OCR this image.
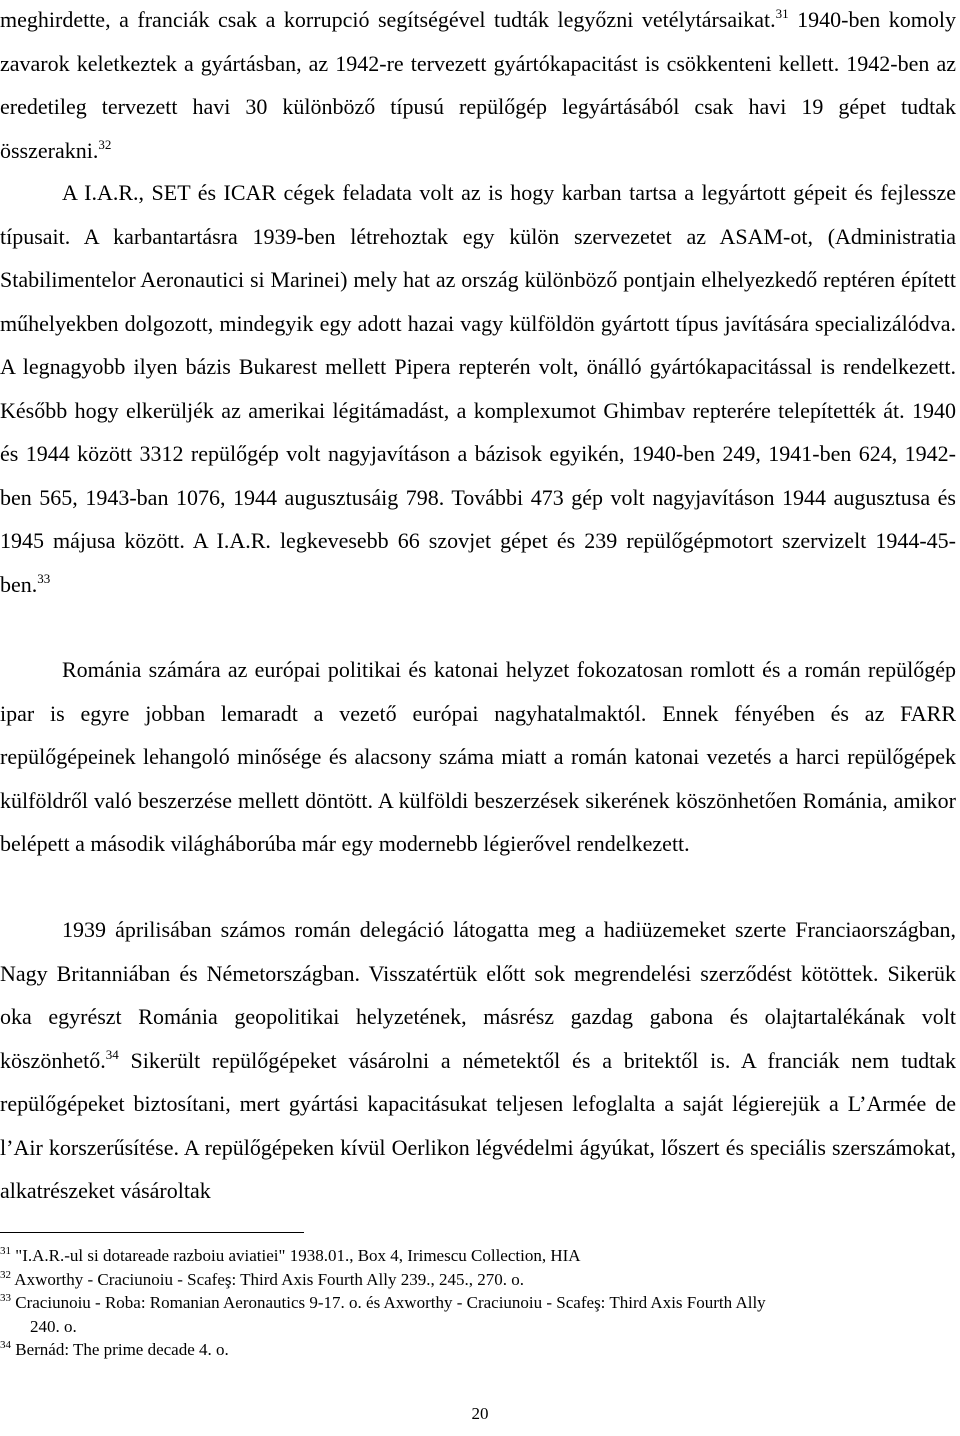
meghirdette, a franciák csak a korrupció segítségével tudták legyőzni vetélytársaikat.$^{31}$ 1940-ben komoly zavarok keletkeztek a gyártásban, az 1942-re tervezett gyártókapacitást is csökkenteni kellett. 1942-ben az eredetileg tervezett havi 30 különböző típusú repülőgép legyártásából csak havi 19 gépet tudtak összerakni.$^{32}$

A I.A.R., SET és ICAR cégek feladata volt az is hogy karban tartsa a legyártott gépeit és fejlessze típusait. A karbantartásra 1939-ben létrehoztak egy külön szervezetet az ASAM-ot, (Administratia Stabilimentelor Aeronautici si Marinei) mely hat az ország különböző pontjain elhelyezkedő reptéren épített műhelyekben dolgozott, mindegyik egy adott hazai vagy külföldön gyártott típus javítására specializálódva. A legnagyobb ilyen bázis Bukarest mellett Pipera repterén volt, önálló gyártókapacitással is rendelkezett. Később hogy elkerüljék az amerikai légitámadást, a komplexumot Ghimbav repterére telepítették át. 1940 és 1944 között 3312 repülőgép volt nagyjavításon a bázisok egyikén, 1940-ben 249, 1941-ben 624, 1942-ben 565, 1943-ban 1076, 1944 augusztusáig 798. További 473 gép volt nagyjavításon 1944 augusztusa és 1945 májusa között. A I.A.R. legkevesebb 66 szovjet gépet és 239 repülőgépmotort szervizelt 1944-45-ben.$^{33}$

Románia számára az európai politikai és katonai helyzet fokozatosan romlott és a román repülőgép ipar is egyre jobban lemaradt a vezető európai nagyhatalmaktól. Ennek fényében és az FARR repülőgépeinek lehangoló minősége és alacsony száma miatt a román katonai vezetés a harci repülőgépek külföldről való beszerzése mellett döntött. A külföldi beszerzések sikerének köszönhetően Románia, amikor belépett a második világháborúba már egy modernebb légierővel rendelkezett.

1939 áprilisában számos román delegáció látogatta meg a hadiüzemeket szerte Franciaországban, Nagy Britanniában és Németországban. Visszatértük előtt sok megrendelési szerződést kötöttek. Sikerük oka egyrészt Románia geopolitikai helyzetének, másrész gazdag gabona és olajtartalékának volt köszönhető.$^{34}$ Sikerült repülőgépeket vásárolni a németektől és a britektől is. A franciák nem tudtak repülőgépeket biztosítani, mert gyártási kapacitásukat teljesen lefoglalta a saját légierejük a L’Armée de l’Air korszerűsítése. A repülőgépeken kívül Oerlikon légvédelmi ágyúkat, lőszert és speciális szerszámokat, alkatrészeket vásároltak

$^{31}$ "I.A.R.-ul si dotareade razboiu aviatiei" 1938.01., Box 4, Irimescu Collection, HIA

$^{32}$ Axworthy - Craciunoiu - Scafeş: Third Axis Fourth Ally 239., 245., 270. o.

$^{33}$ Craciunoiu - Roba: Romanian Aeronautics 9-17. o. és Axworthy - Craciunoiu - Scafeş: Third Axis Fourth Ally

240. o.

$^{34}$ Bernád: The prime decade 4. o.

20
